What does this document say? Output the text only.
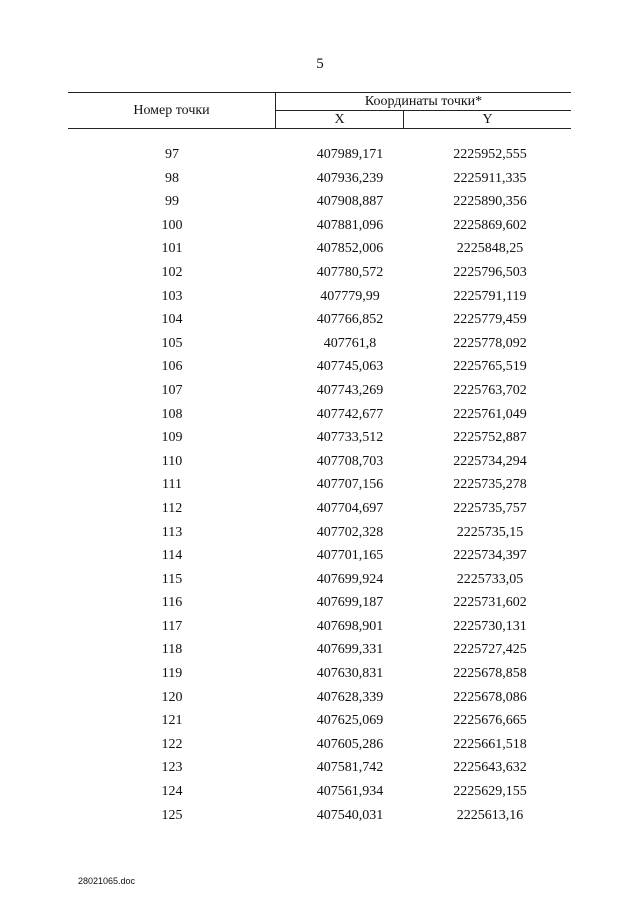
5
Номер точки
Координаты точки*
X	Y
97	407989,171	2225952,555
98	407936,239	2225911,335
99	407908,887	2225890,356
100	407881,096	2225869,602
101	407852,006	2225848,25
102	407780,572	2225796,503
103	407779,99	2225791,119
104	407766,852	2225779,459
105	407761,8	2225778,092
106	407745,063	2225765,519
107	407743,269	2225763,702
108	407742,677	2225761,049
109	407733,512	2225752,887
110	407708,703	2225734,294
111	407707,156	2225735,278
112	407704,697	2225735,757
113	407702,328	2225735,15
114	407701,165	2225734,397
115	407699,924	2225733,05
116	407699,187	2225731,602
117	407698,901	2225730,131
118	407699,331	2225727,425
119	407630,831	2225678,858
120	407628,339	2225678,086
121	407625,069	2225676,665
122	407605,286	2225661,518
123	407581,742	2225643,632
124	407561,934	2225629,155
125	407540,031	2225613,16
28021065.doc
